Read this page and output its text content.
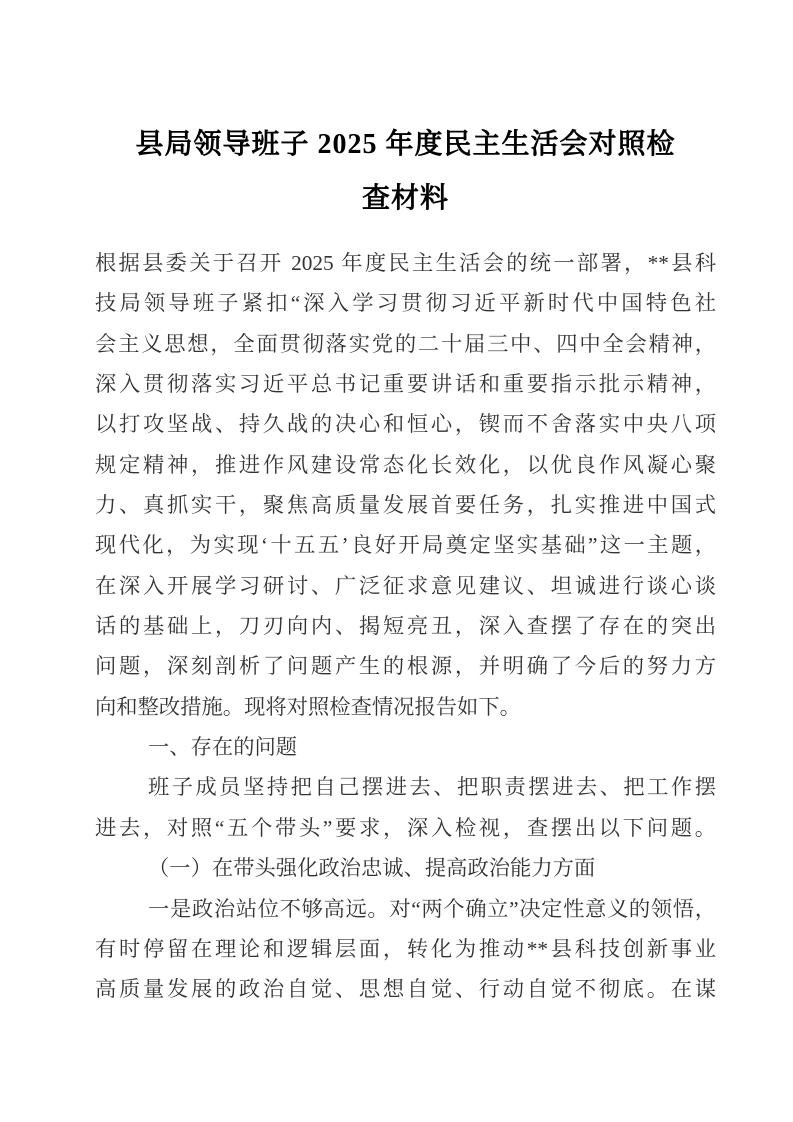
县局领导班子 2025 年度民主生活会对照检
查材料
根据县委关于召开 2025 年度民主生活会的统一部署，**县科
技局领导班子紧扣“深入学习贯彻习近平新时代中国特色社
会主义思想，全面贯彻落实党的二十届三中、四中全会精神，
深入贯彻落实习近平总书记重要讲话和重要指示批示精神，
以打攻坚战、持久战的决心和恒心，锲而不舍落实中央八项
规定精神，推进作风建设常态化长效化，以优良作风凝心聚
力、真抓实干，聚焦高质量发展首要任务，扎实推进中国式
现代化，为实现‘十五五’良好开局奠定坚实基础”这一主题，
在深入开展学习研讨、广泛征求意见建议、坦诚进行谈心谈
话的基础上，刀刃向内、揭短亮丑，深入查摆了存在的突出
问题，深刻剖析了问题产生的根源，并明确了今后的努力方
向和整改措施。现将对照检查情况报告如下。
一、存在的问题
班子成员坚持把自己摆进去、把职责摆进去、把工作摆
进去，对照“五个带头”要求，深入检视，查摆出以下问题。
（一）在带头强化政治忠诚、提高政治能力方面
一是政治站位不够高远。对“两个确立”决定性意义的领悟，
有时停留在理论和逻辑层面，转化为推动**县科技创新事业
高质量发展的政治自觉、思想自觉、行动自觉不彻底。在谋
